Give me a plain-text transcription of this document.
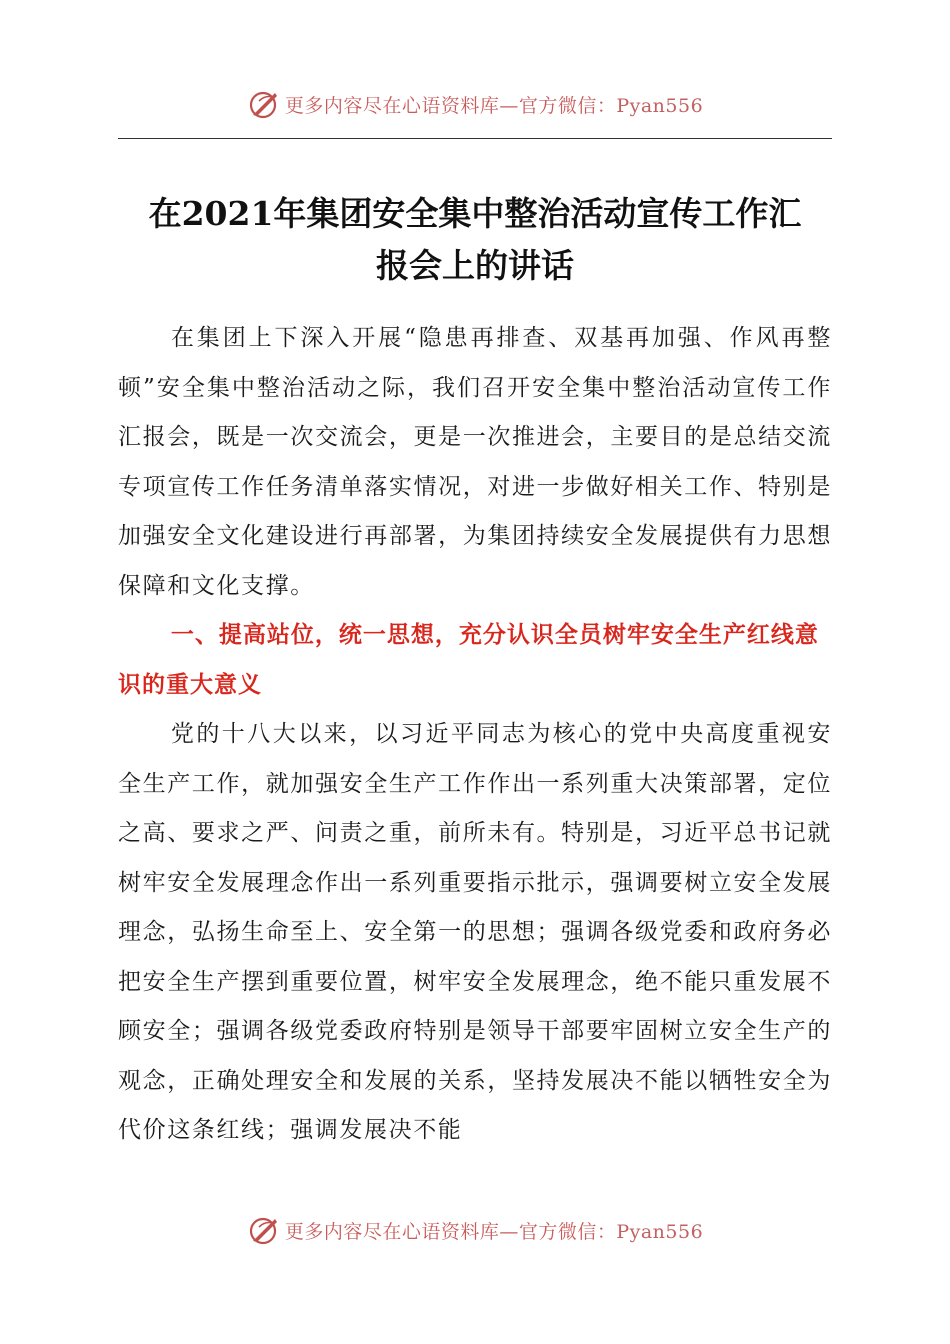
更多内容尽在心语资料库—官方微信：Pyan556
在2021年集团安全集中整治活动宣传工作汇
报会上的讲话

在集团上下深入开展“隐患再排查、双基再加强、作风再整顿”安全集中整治活动之际，我们召开安全集中整治活动宣传工作汇报会，既是一次交流会，更是一次推进会，主要目的是总结交流专项宣传工作任务清单落实情况，对进一步做好相关工作、特别是加强安全文化建设进行再部署，为集团持续安全发展提供有力思想保障和文化支撑。

一、提高站位，统一思想，充分认识全员树牢安全生产红线意识的重大意义

党的十八大以来，以习近平同志为核心的党中央高度重视安全生产工作，就加强安全生产工作作出一系列重大决策部署，定位之高、要求之严、问责之重，前所未有。特别是，习近平总书记就树牢安全发展理念作出一系列重要指示批示，强调要树立安全发展理念，弘扬生命至上、安全第一的思想；强调各级党委和政府务必把安全生产摆到重要位置，树牢安全发展理念，绝不能只重发展不顾安全；强调各级党委政府特别是领导干部要牢固树立安全生产的观念，正确处理安全和发展的关系，坚持发展决不能以牺牲安全为代价这条红线；强调发展决不能

更多内容尽在心语资料库—官方微信：Pyan556
